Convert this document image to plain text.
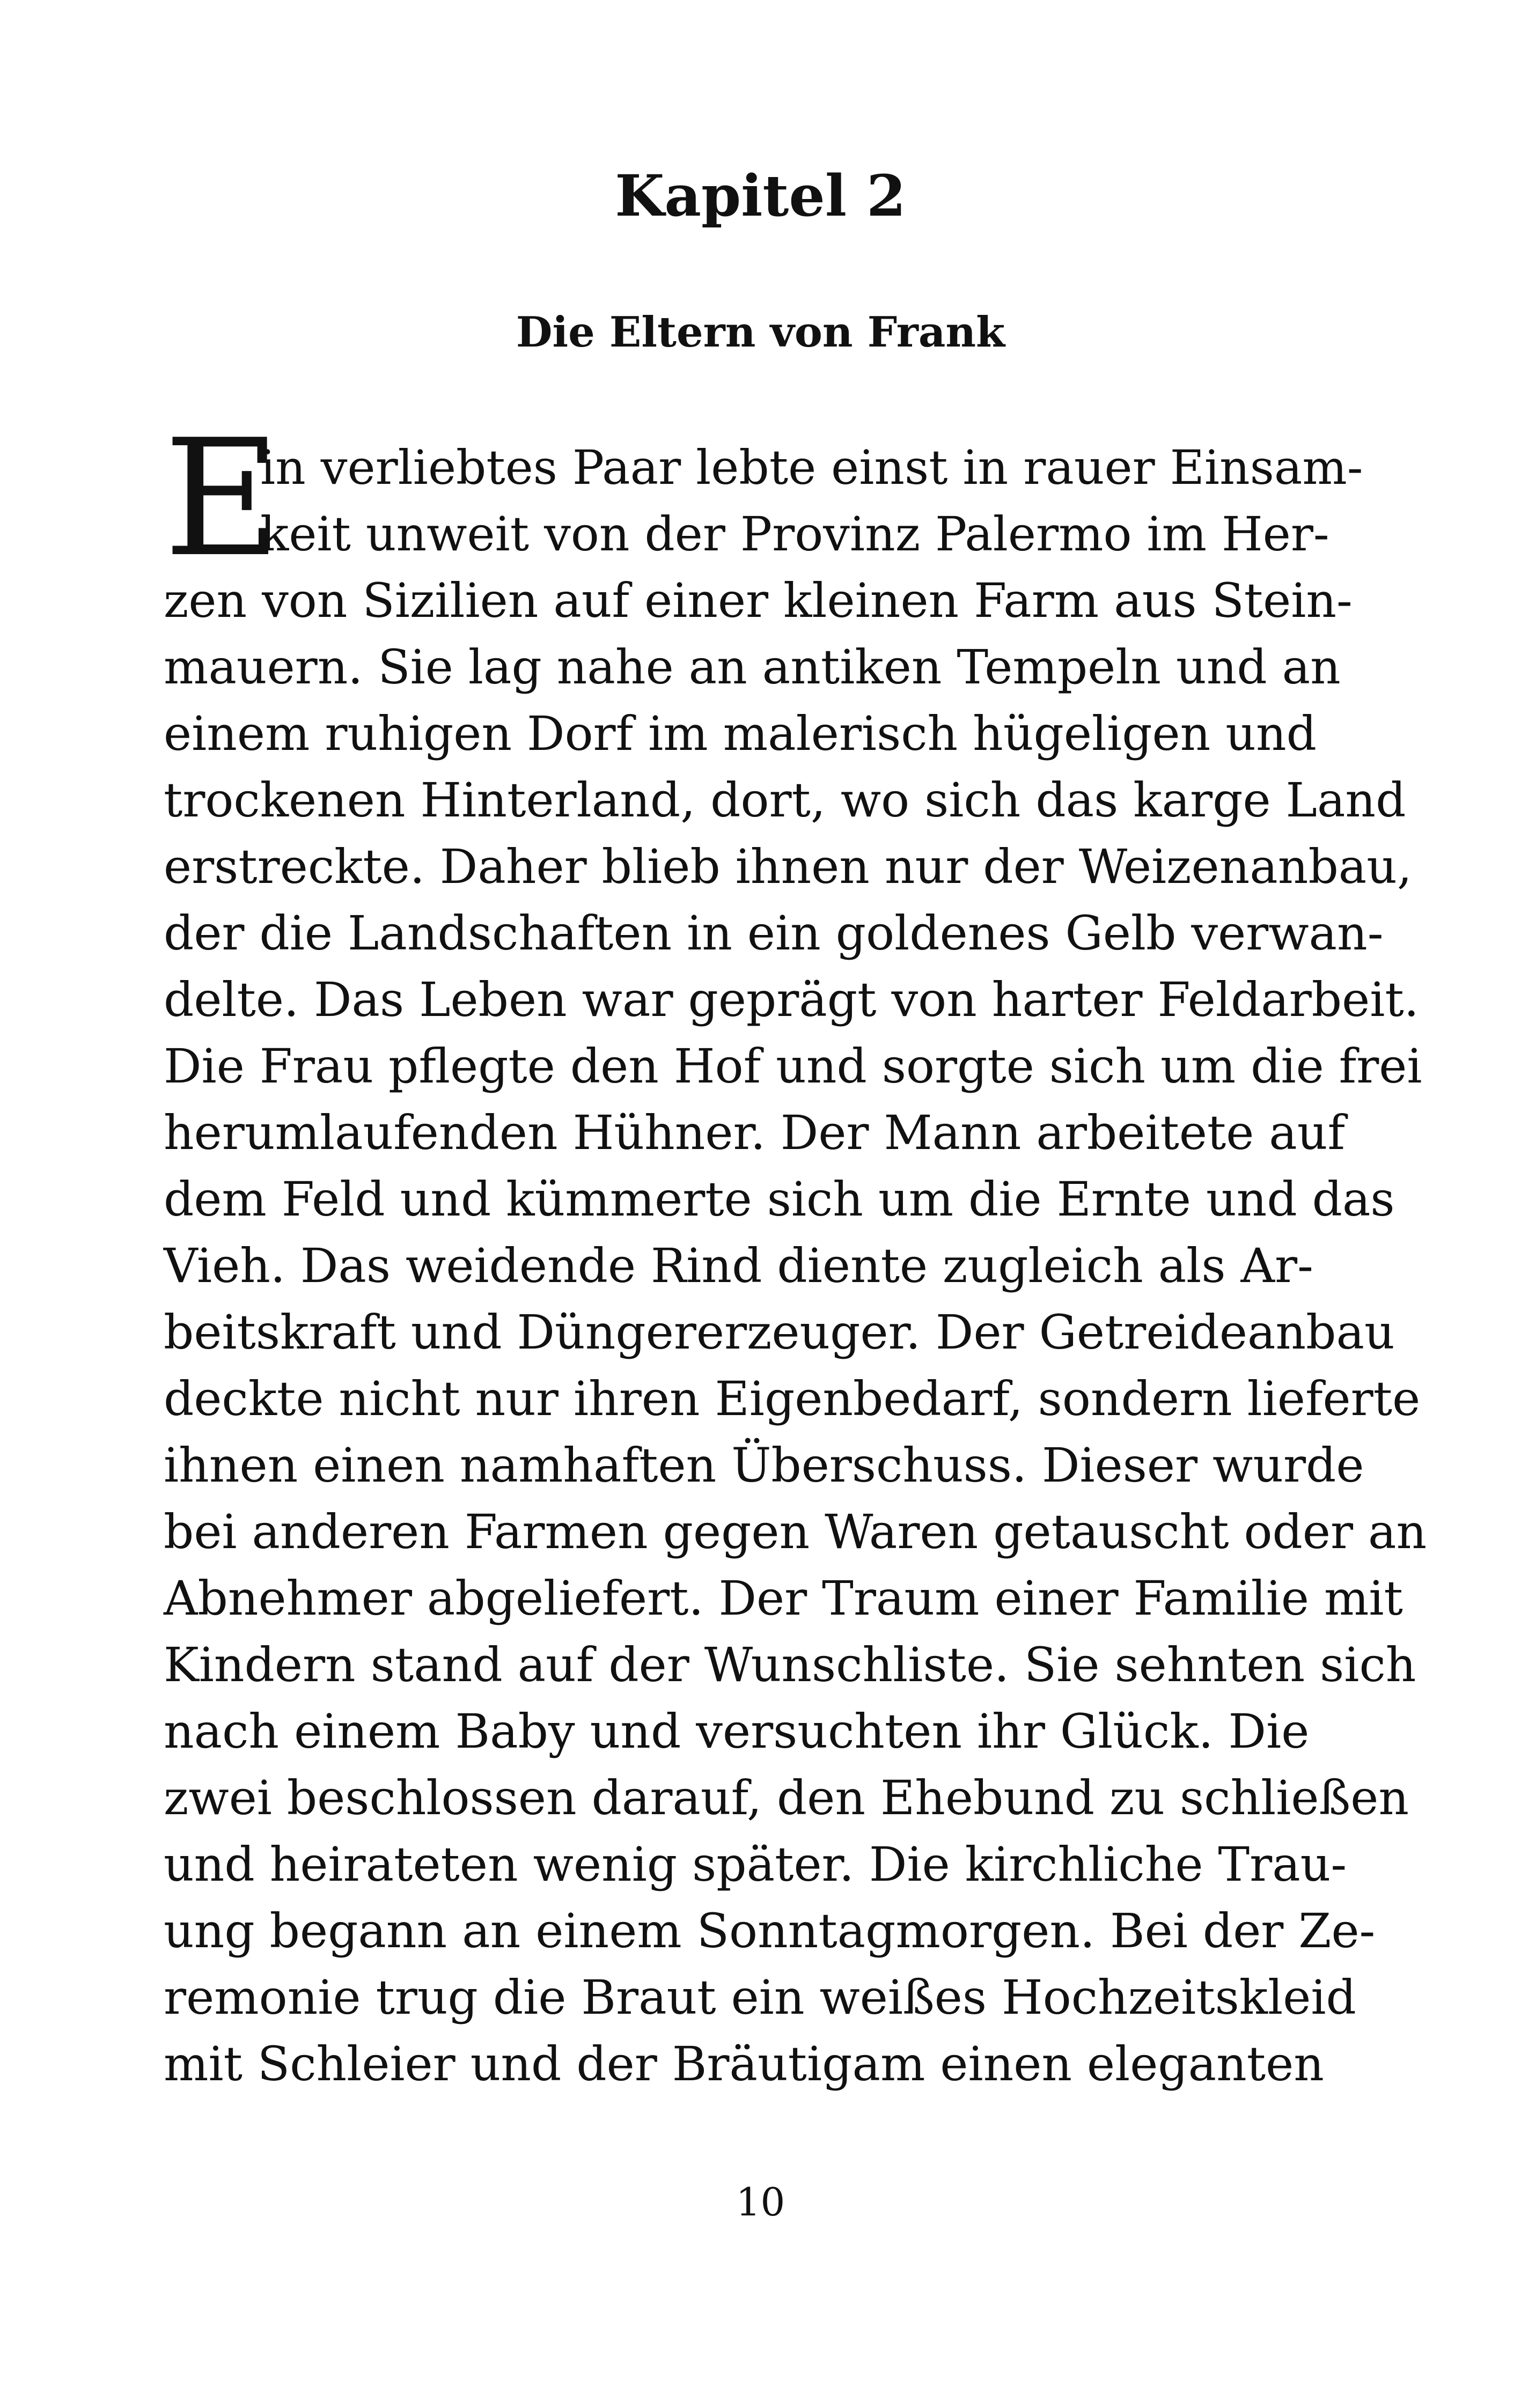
Kapitel 2
Die Eltern von Frank
E
in verliebtes Paar lebte einst in rauer Einsam-
keit unweit von der Provinz Palermo im Her-
zen von Sizilien auf einer kleinen Farm aus Stein-
mauern. Sie lag nahe an antiken Tempeln und an
einem ruhigen Dorf im malerisch hügeligen und
trockenen Hinterland, dort, wo sich das karge Land
erstreckte. Daher blieb ihnen nur der Weizenanbau,
der die Landschaften in ein goldenes Gelb verwan-
delte. Das Leben war geprägt von harter Feldarbeit.
Die Frau pflegte den Hof und sorgte sich um die frei
herumlaufenden Hühner. Der Mann arbeitete auf
dem Feld und kümmerte sich um die Ernte und das
Vieh. Das weidende Rind diente zugleich als Ar-
beitskraft und Düngererzeuger. Der Getreideanbau
deckte nicht nur ihren Eigenbedarf, sondern lieferte
ihnen einen namhaften Überschuss. Dieser wurde
bei anderen Farmen gegen Waren getauscht oder an
Abnehmer abgeliefert. Der Traum einer Familie mit
Kindern stand auf der Wunschliste. Sie sehnten sich
nach einem Baby und versuchten ihr Glück. Die
zwei beschlossen darauf, den Ehebund zu schließen
und heirateten wenig später. Die kirchliche Trau-
ung begann an einem Sonntagmorgen. Bei der Ze-
remonie trug die Braut ein weißes Hochzeitskleid
mit Schleier und der Bräutigam einen eleganten
10
